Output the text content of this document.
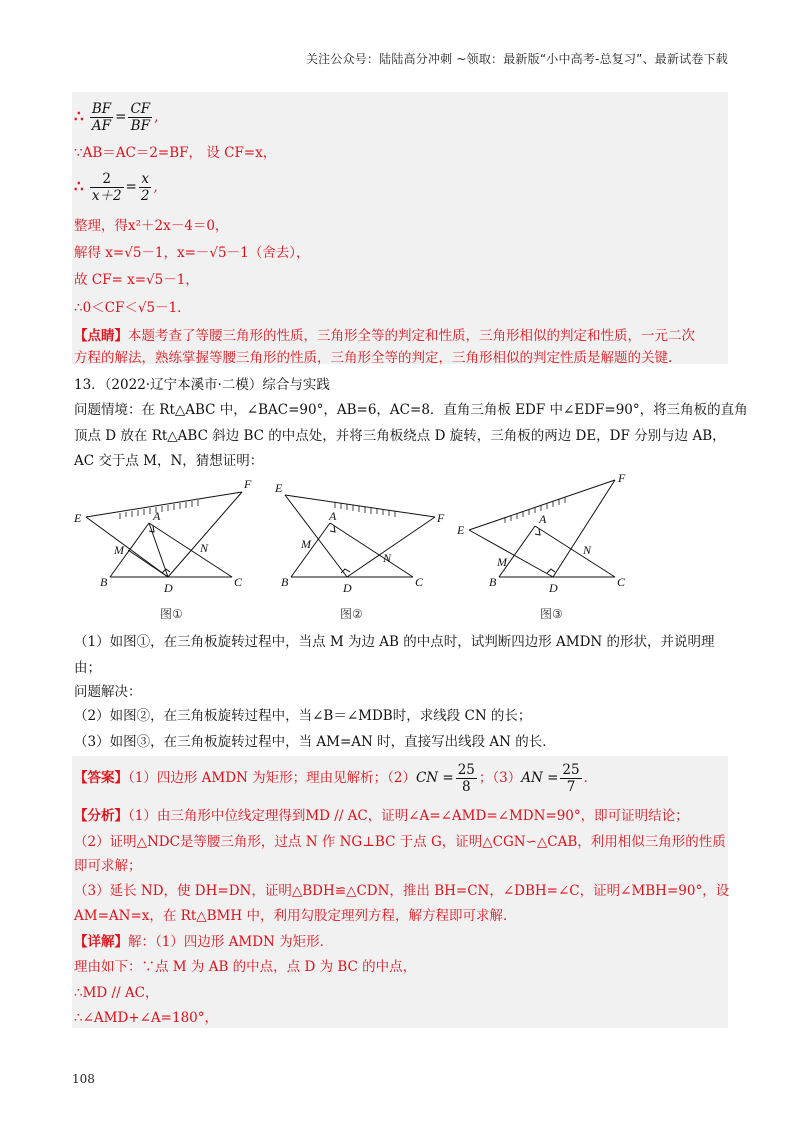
关注公众号：陆陆高分冲刺 ~领取：最新版“小中高考-总复习”、最新试卷下载
∴ $\frac{BF}{AF} = \frac{CF}{BF}$ ,
∵AB＝AC＝2=BF， 设 CF=x，
∴ $\frac{2}{x+2} = \frac{x}{2}$ ,
整理，得x²＋2x－4＝0，
解得 x=√5－1，x=－√5－1（舍去），
故 CF= x=√5－1，
∴0＜CF＜√5－1．
【点睛】本题考查了等腰三角形的性质，三角形全等的判定和性质，三角形相似的判定和性质，一元二次
方程的解法，熟练掌握等腰三角形的性质，三角形全等的判定，三角形相似的判定性质是解题的关键.
13．（2022·辽宁本溪市·二模）综合与实践
问题情境：在 Rt△ABC 中，∠BAC=90°，AB=6，AC=8．直角三角板 EDF 中∠EDF=90°，将三角板的直角
顶点 D 放在 Rt△ABC 斜边 BC 的中点处，并将三角板绕点 D 旋转，三角板的两边 DE，DF 分别与边 AB，
AC 交于点 M，N，猜想证明：
E
F
A
M	N
B	D	C
E
F
A
M
N
B	D	C
E
F
A
M
N
B	D	C
图①	图②	图③
（1）如图①，在三角板旋转过程中，当点 M 为边 AB 的中点时，试判断四边形 AMDN 的形状，并说明理
由；
问题解决：
（2）如图②，在三角板旋转过程中，当∠B＝∠MDB时，求线段 CN 的长；
（3）如图③，在三角板旋转过程中，当 AM=AN 时，直接写出线段 AN 的长．
【答案】（1）四边形 AMDN 为矩形；理由见解析；$(2)CN = \frac{25}{8}$ ；$(3)AN = \frac{25}{7}$ ．
【分析】（1）由三角形中位线定理得到MD // AC，证明∠A=∠AMD=∠MDN=90°，即可证明结论；
（2）证明△NDC是等腰三角形，过点 N 作 NG⊥BC 于点 G，证明△CGN∽△CAB，利用相似三角形的性质
即可求解；
（3）延长 ND，使 DH=DN，证明△BDH≌△CDN，推出 BH=CN，∠DBH=∠C，证明∠MBH=90°，设
AM=AN=x，在 Rt△BMH 中，利用勾股定理列方程，解方程即可求解．
【详解】解：（1）四边形 AMDN 为矩形．
理由如下：∵点 M 为 AB 的中点，点 D 为 BC 的中点，
∴MD // AC，
∴∠AMD+∠A=180°，
108
